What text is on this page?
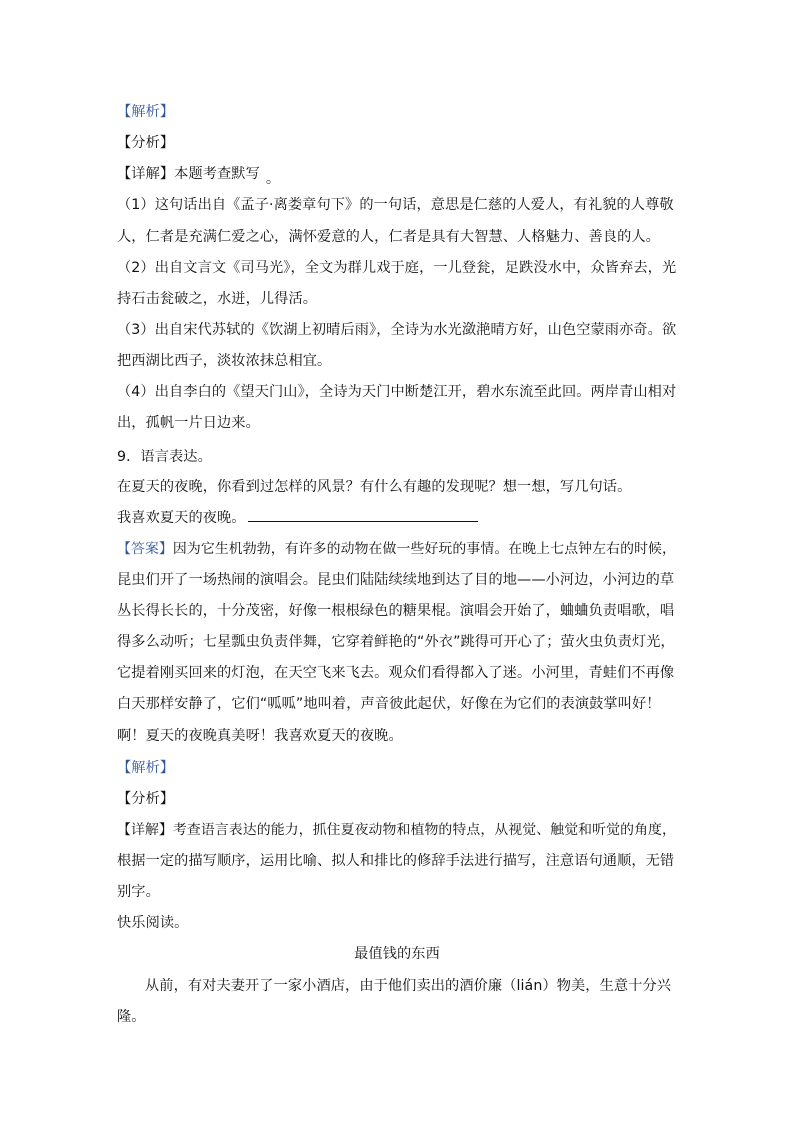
【解析】
【分析】
【详解】本题考查默写 。
（1）这句话出自《孟子·离娄章句下》的一句话，意思是仁慈的人爱人，有礼貌的人尊敬
人，仁者是充满仁爱之心，满怀爱意的人，仁者是具有大智慧、人格魅力、善良的人。
（2）出自文言文《司马光》，全文为群儿戏于庭，一儿登瓮，足跌没水中，众皆弃去，光
持石击瓮破之，水迸，儿得活。
（3）出自宋代苏轼的《饮湖上初晴后雨》，全诗为水光潋滟晴方好，山色空蒙雨亦奇。欲
把西湖比西子，淡妆浓抹总相宜。
（4）出自李白的《望天门山》，全诗为天门中断楚江开，碧水东流至此回。两岸青山相对
出，孤帆一片日边来。
9．语言表达。
在夏天的夜晚，你看到过怎样的风景？有什么有趣的发现呢？想一想，写几句话。
我喜欢夏天的夜晚。
【答案】因为它生机勃勃，有许多的动物在做一些好玩的事情。在晚上七点钟左右的时候，
昆虫们开了一场热闹的演唱会。昆虫们陆陆续续地到达了目的地——小河边，小河边的草
丛长得长长的，十分茂密，好像一根根绿色的糖果棍。演唱会开始了，蛐蛐负责唱歌，唱
得多么动听；七星瓢虫负责伴舞，它穿着鲜艳的“外衣”跳得可开心了；萤火虫负责灯光，
它提着刚买回来的灯泡，在天空飞来飞去。观众们看得都入了迷。小河里，青蛙们不再像
白天那样安静了，它们“呱呱”地叫着，声音彼此起伏，好像在为它们的表演鼓掌叫好！
啊！夏天的夜晚真美呀！我喜欢夏天的夜晚。
【解析】
【分析】
【详解】考查语言表达的能力，抓住夏夜动物和植物的特点，从视觉、触觉和听觉的角度，
根据一定的描写顺序，运用比喻、拟人和排比的修辞手法进行描写，注意语句通顺，无错
别字。
快乐阅读。
最值钱的东西
从前，有对夫妻开了一家小酒店，由于他们卖出的酒价廉（lián）物美，生意十分兴
隆。
